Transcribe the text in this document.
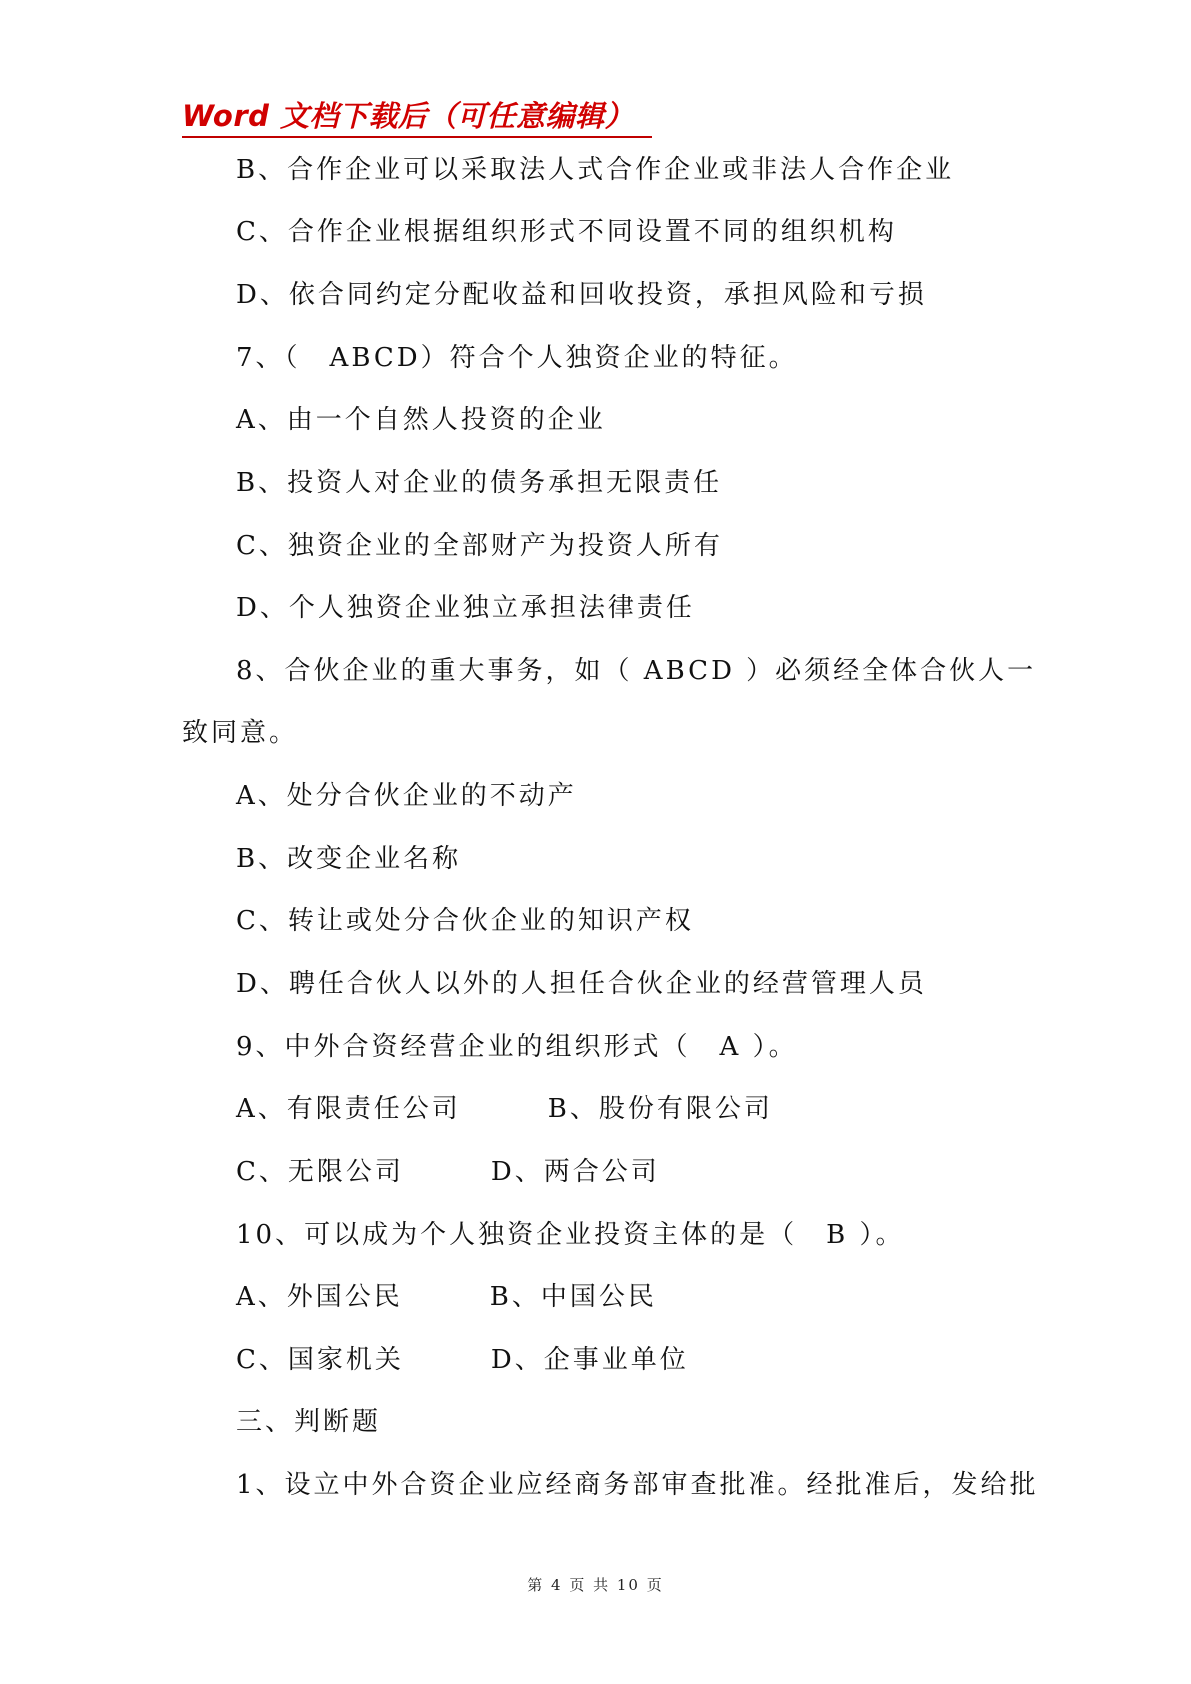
Word 文档下载后（可任意编辑）
B、合作企业可以采取法人式合作企业或非法人合作企业
C、合作企业根据组织形式不同设置不同的组织机构
D、依合同约定分配收益和回收投资，承担风险和亏损
7、（　ABCD）符合个人独资企业的特征。
A、由一个自然人投资的企业
B、投资人对企业的债务承担无限责任
C、独资企业的全部财产为投资人所有
D、个人独资企业独立承担法律责任
8、合伙企业的重大事务，如（ ABCD ）必须经全体合伙人一
致同意。
A、处分合伙企业的不动产
B、改变企业名称
C、转让或处分合伙企业的知识产权
D、聘任合伙人以外的人担任合伙企业的经营管理人员
9、中外合资经营企业的组织形式（　A ）。
A、有限责任公司　　　B、股份有限公司
C、无限公司　　　D、两合公司
10、可以成为个人独资企业投资主体的是（　B ）。
A、外国公民　　　B、中国公民
C、国家机关　　　D、企事业单位
三、判断题
1、设立中外合资企业应经商务部审查批准。经批准后，发给批
第 4 页 共 10 页
